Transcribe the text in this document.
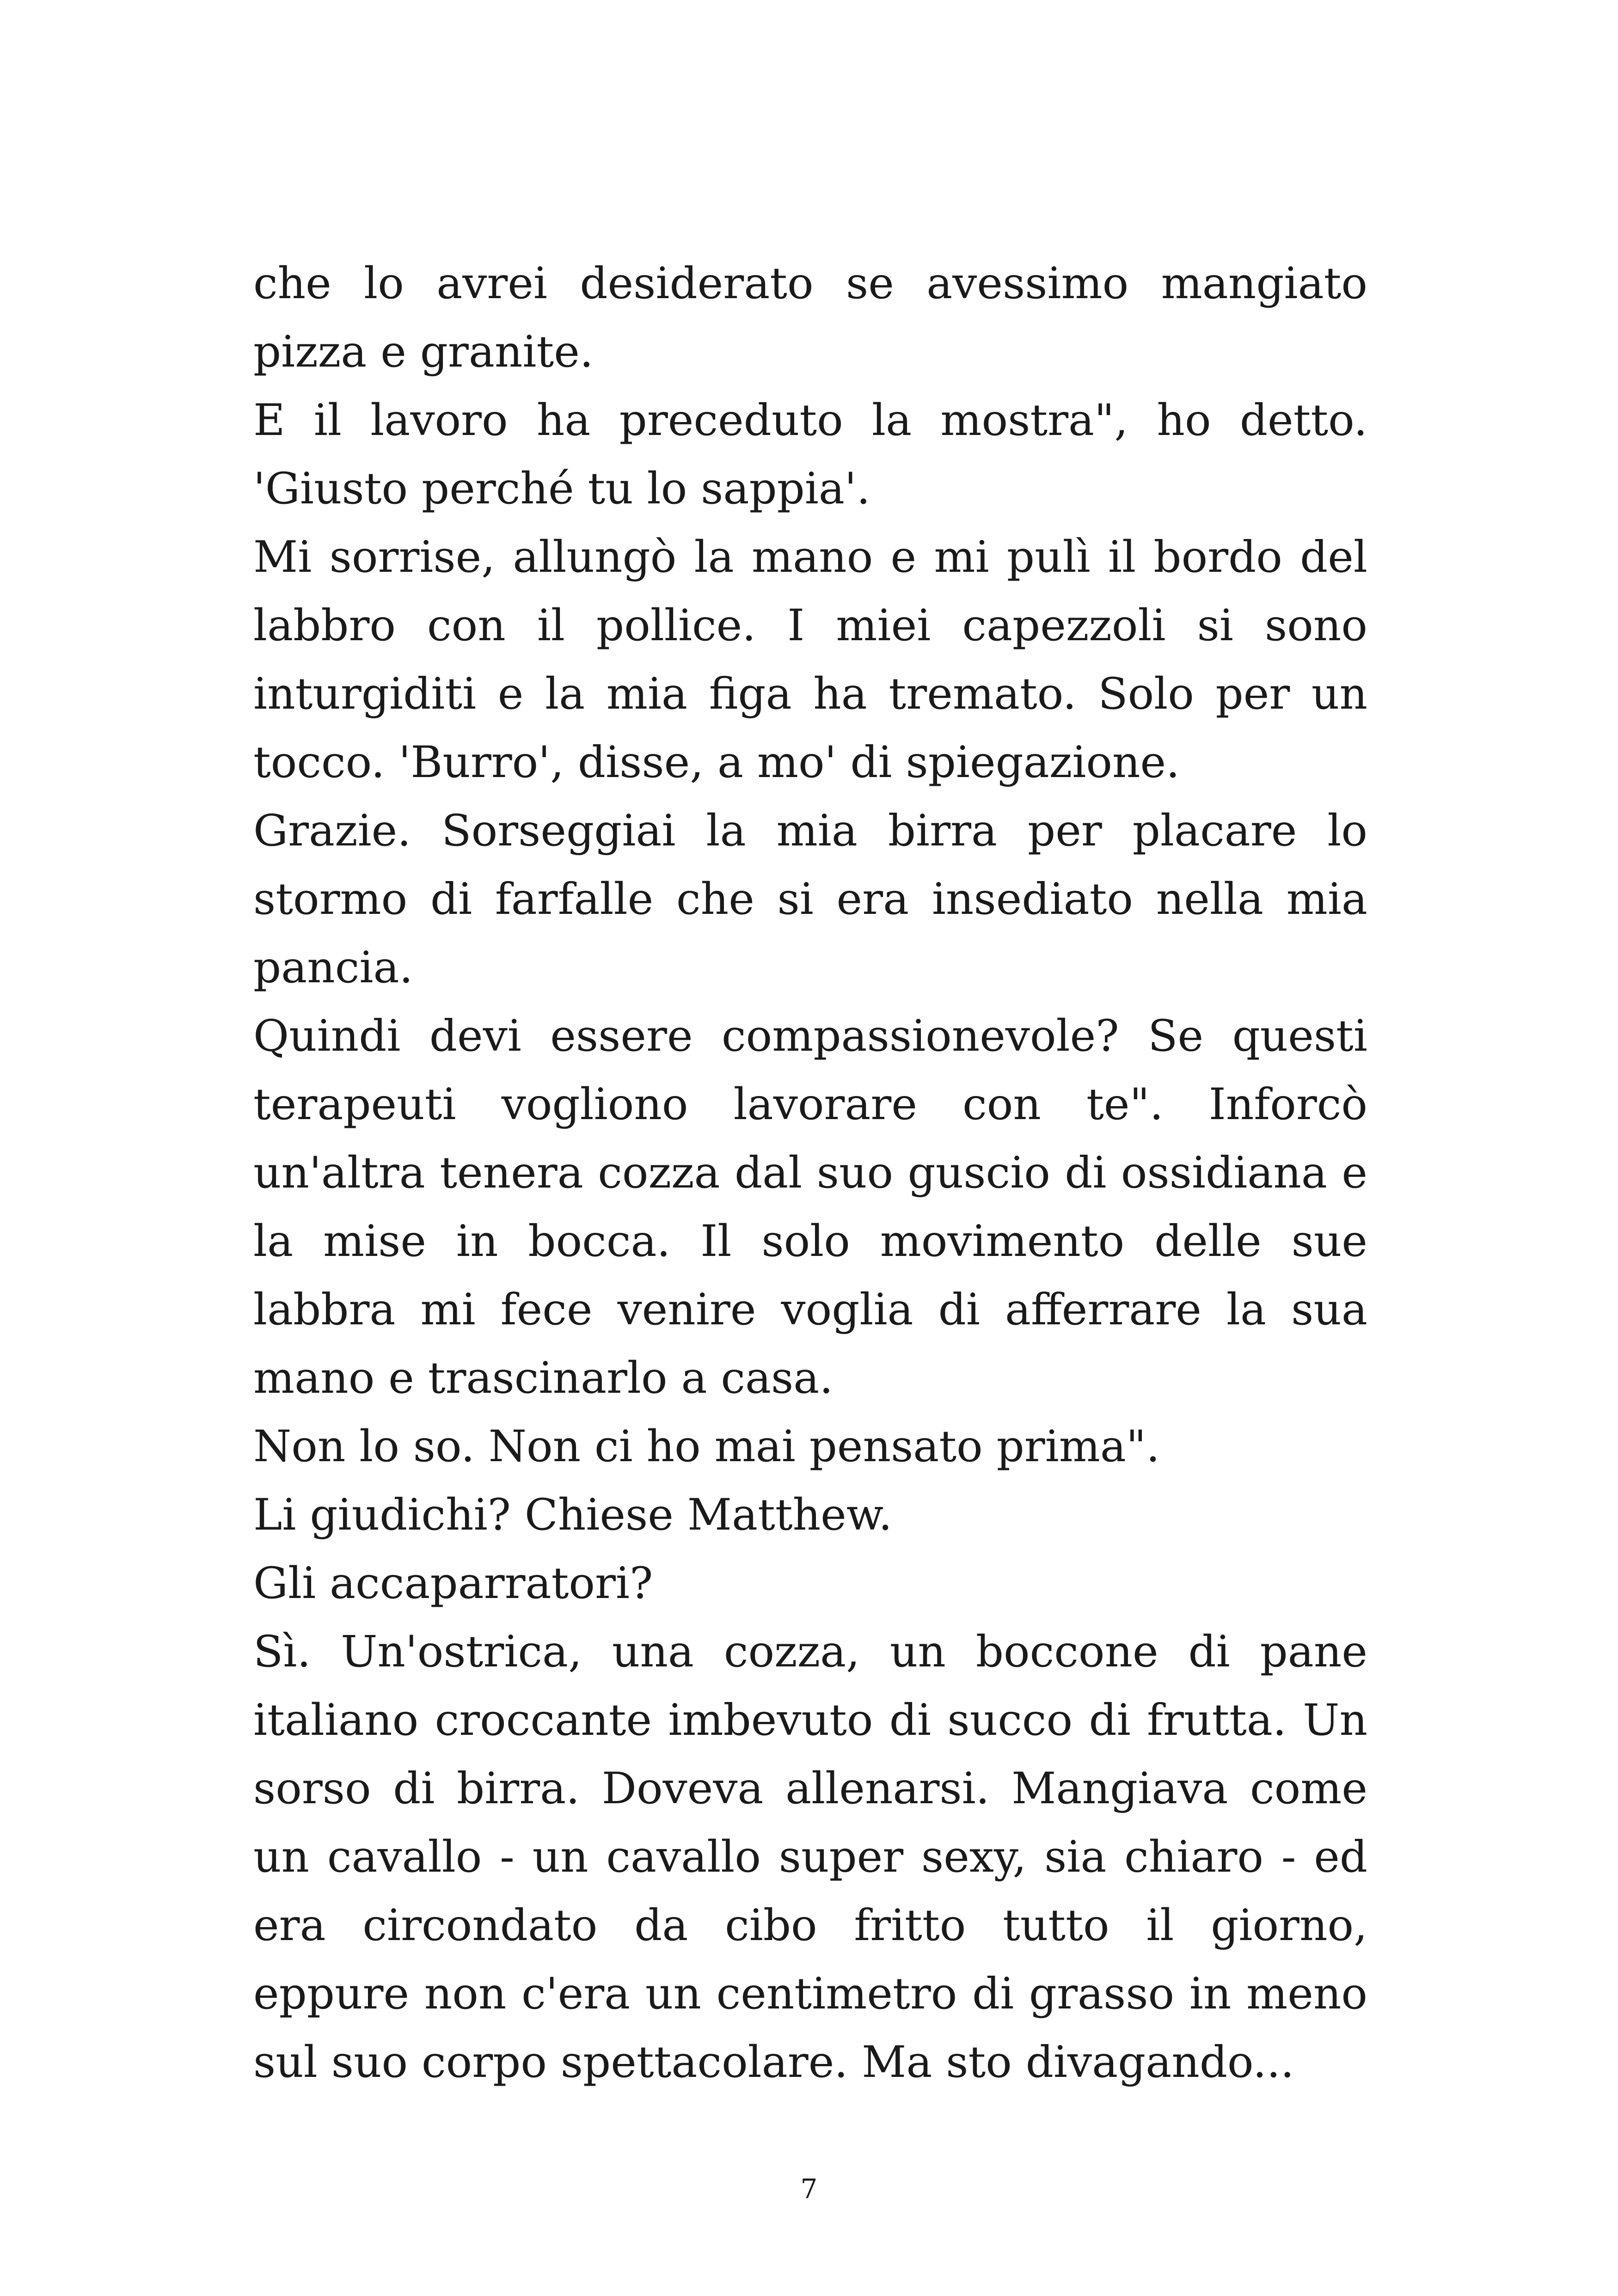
che lo avrei desiderato se avessimo mangiato pizza e granite.

E il lavoro ha preceduto la mostra", ho detto. 'Giusto perché tu lo sappia'.

Mi sorrise, allungò la mano e mi pulì il bordo del labbro con il pollice. I miei capezzoli si sono inturgiditi e la mia figa ha tremato. Solo per un tocco. 'Burro', disse, a mo' di spiegazione.

Grazie. Sorseggiai la mia birra per placare lo stormo di farfalle che si era insediato nella mia pancia.

Quindi devi essere compassionevole? Se questi terapeuti vogliono lavorare con te". Inforcò un'altra tenera cozza dal suo guscio di ossidiana e la mise in bocca. Il solo movimento delle sue labbra mi fece venire voglia di afferrare la sua mano e trascinarlo a casa.

Non lo so. Non ci ho mai pensato prima".

Li giudichi? Chiese Matthew.

Gli accaparratori?

Sì. Un'ostrica, una cozza, un boccone di pane italiano croccante imbevuto di succo di frutta. Un sorso di birra. Doveva allenarsi. Mangiava come un cavallo - un cavallo super sexy, sia chiaro - ed era circondato da cibo fritto tutto il giorno, eppure non c'era un centimetro di grasso in meno sul suo corpo spettacolare. Ma sto divagando...

7
